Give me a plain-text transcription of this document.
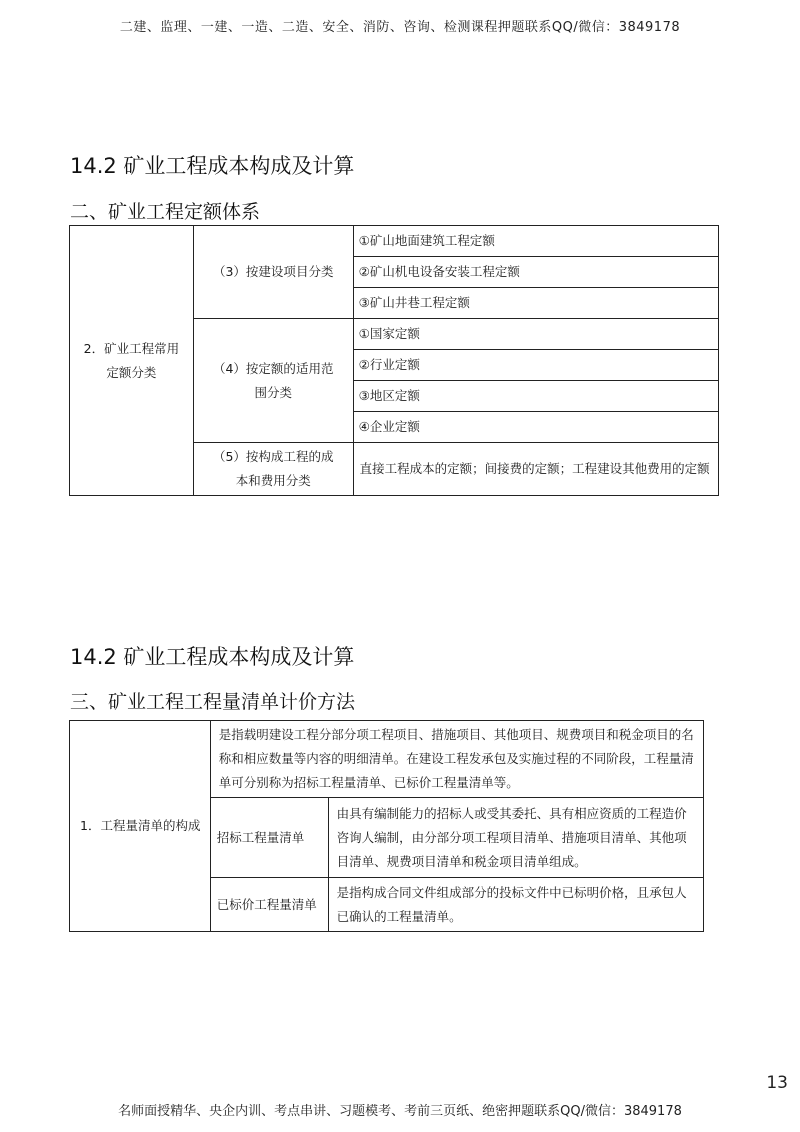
二建、监理、一建、一造、二造、安全、消防、咨询、检测课程押题联系QQ/微信：3849178
14.2 矿业工程成本构成及计算
二、矿业工程定额体系
2．矿业工程常用定额分类	（3）按建设项目分类	①矿山地面建筑工程定额
		②矿山机电设备安装工程定额
		③矿山井巷工程定额
	（4）按定额的适用范围分类	①国家定额
		②行业定额
		③地区定额
		④企业定额
	（5）按构成工程的成本和费用分类	直接工程成本的定额；间接费的定额；工程建设其他费用的定额
14.2 矿业工程成本构成及计算
三、矿业工程工程量清单计价方法
1．工程量清单的构成	是指载明建设工程分部分项工程项目、措施项目、其他项目、规费项目和税金项目的名称和相应数量等内容的明细清单。在建设工程发承包及实施过程的不同阶段，工程量清单可分别称为招标工程量清单、已标价工程量清单等。	
	招标工程量清单	由具有编制能力的招标人或受其委托、具有相应资质的工程造价咨询人编制，由分部分项工程项目清单、措施项目清单、其他项目清单、规费项目清单和税金项目清单组成。
	已标价工程量清单	是指构成合同文件组成部分的投标文件中已标明价格，且承包人已确认的工程量清单。
13
名师面授精华、央企内训、考点串讲、习题模考、考前三页纸、绝密押题联系QQ/微信：3849178
